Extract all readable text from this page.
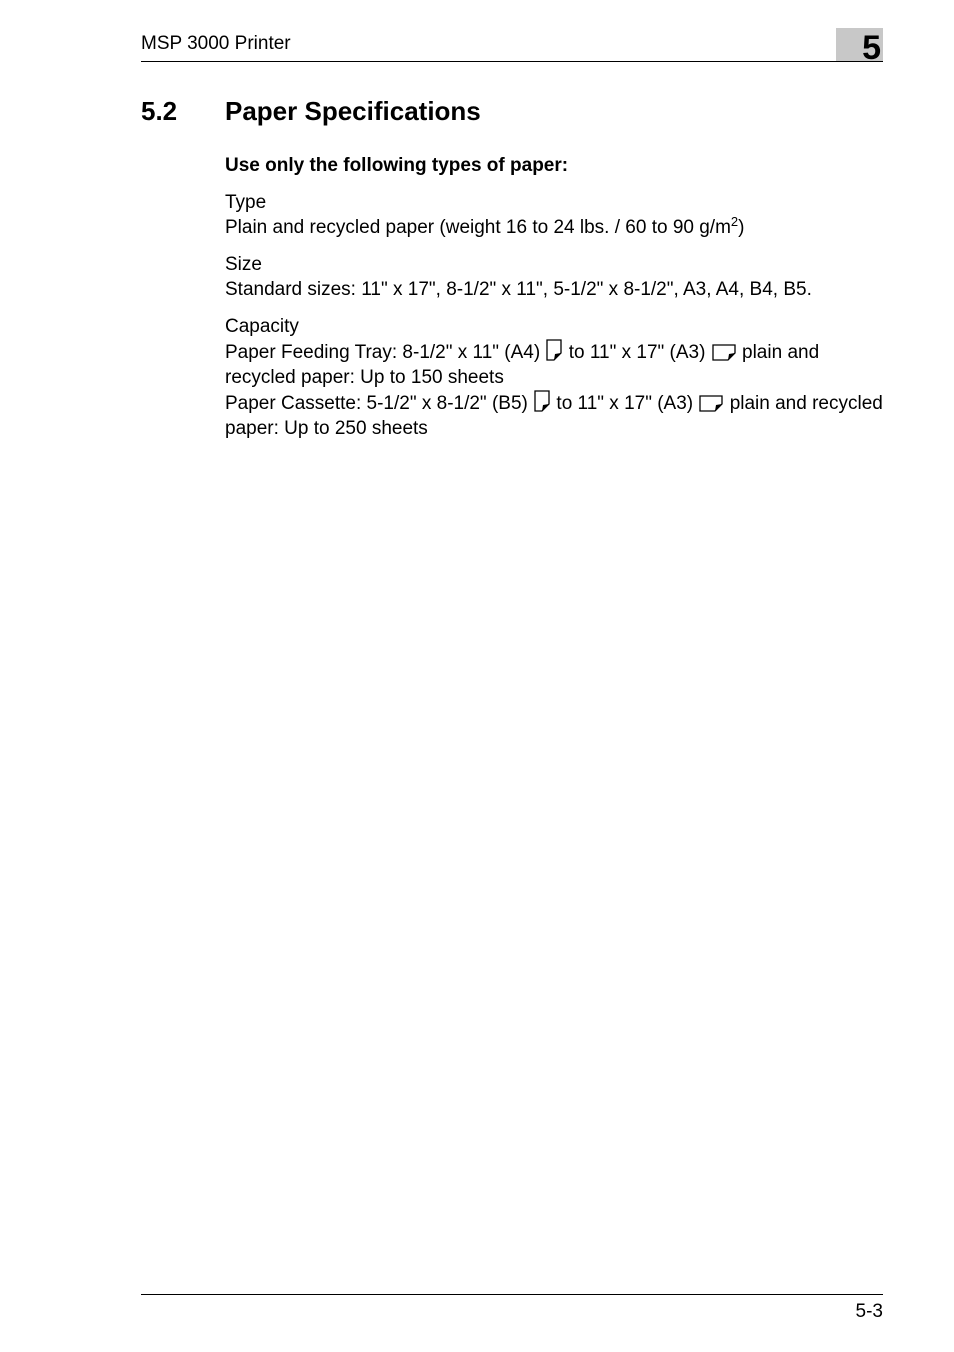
MSP 3000 Printer	5
5.2 Paper Specifications

Use only the following types of paper:

Type

Plain and recycled paper (weight 16 to 24 lbs. / 60 to 90 $g/m^2$)

Size

Standard sizes: 11" x 17", 8-1/2" x 11", 5-1/2" x 8-1/2", A3, A4, B4, B5.

Capacity

Paper Feeding Tray: 8-1/2" x 11" (A4) to 11" x 17" (A3) plain and recycled paper: Up to 150 sheets

Paper Cassette: 5-1/2" x 8-1/2" (B5) to 11" x 17" (A3) plain and recycled paper: Up to 250 sheets

5-3
